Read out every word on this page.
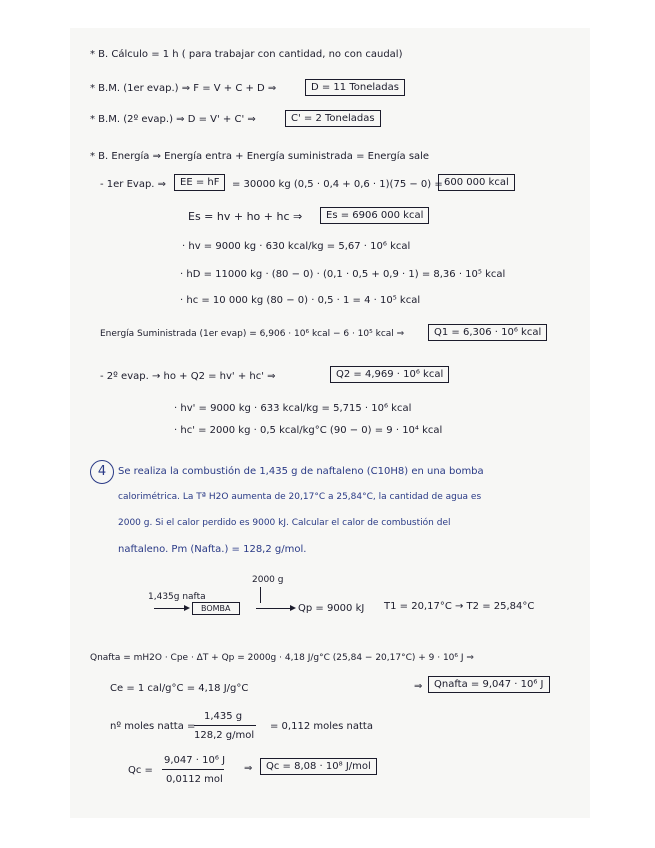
* B. Cálculo = 1 h ( para trabajar con cantidad, no con caudal)
* B.M. (1er evap.) ⇒ F = V + C + D ⇒	D = 11 Toneladas
* B.M. (2º evap.) ⇒ D = V' + C' ⇒	C' = 2 Toneladas
* B. Energía ⇒ Energía entra + Energía suministrada = Energía sale
- 1er Evap. ⇒	EE = hF	= 30000 kg (0,5 · 0,4 + 0,6 · 1)(75 − 0) = 600 000 kcal
Es = hv + ho + hc ⇒	Es = 6906 000 kcal
· hv = 9000 kg · 630 kcal/kg = 5,67 · 10⁶ kcal
· hD = 11000 kg · (80 − 0) · (0,1 · 0,5 + 0,9 · 1) = 8,36 · 10⁵ kcal
· hc = 10 000 kg (80 − 0) · 0,5 · 1 = 4 · 10⁵ kcal
Energía Suministrada (1er evap) = 6,906 · 10⁶ kcal − 6 · 10⁵ kcal ⇒	Q1 = 6,306 · 10⁶ kcal
- 2º evap. → ho + Q2 = hv' + hc' ⇒	Q2 = 4,969 · 10⁶ kcal
· hv' = 9000 kg · 633 kcal/kg = 5,715 · 10⁶ kcal
· hc' = 2000 kg · 0,5 kcal/kg°C (90 − 0) = 9 · 10⁴ kcal
4	Se realiza la combustión de 1,435 g de naftaleno (C10H8) en una bomba
calorimétrica. La Tª H2O aumenta de 20,17°C a 25,84°C, la cantidad de agua es
2000 g. Si el calor perdido es 9000 kJ. Calcular el calor de combustión del
naftaleno. Pm (Nafta.) = 128,2 g/mol.
2000 g
1,435g nafta
BOMBA	Qp = 9000 kJ T1 = 20,17°C → T2 = 25,84°C
Qnafta = mH2O · Cpe · ΔT + Qp = 2000g · 4,18 J/g°C (25,84 − 20,17°C) + 9 · 10⁶ J ⇒
Ce = 1 cal/g°C = 4,18 J/g°C	⇒	Qnafta = 9,047 · 10⁶ J
nº moles natta =
1,435 g
128,2 g/mol
= 0,112 moles natta
Qc =
9,047 · 10⁶ J
0,0112 mol
⇒	Qc = 8,08 · 10⁸ J/mol
